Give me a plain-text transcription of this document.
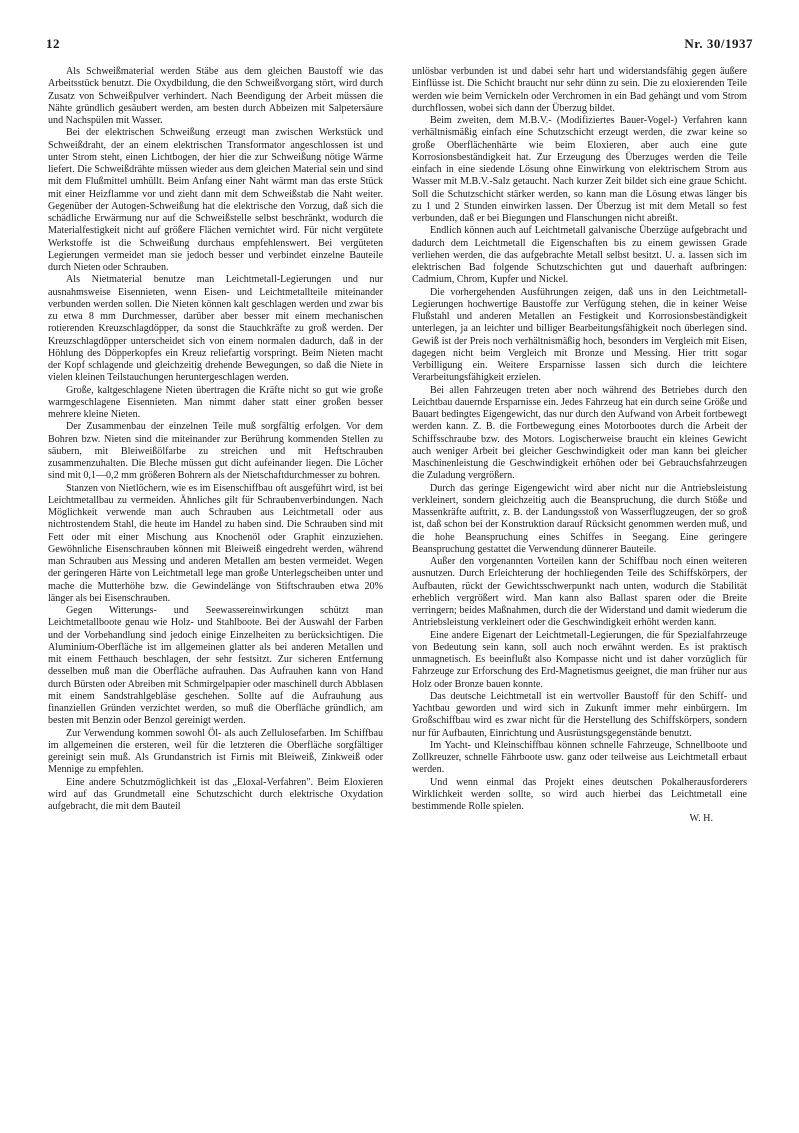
12	Nr. 30/1937

Als Schweißmaterial werden Stäbe aus dem gleichen Baustoff wie das Arbeitsstück benutzt. Die Oxydbildung, die den Schweißvorgang stört, wird durch Zusatz von Schweißpulver verhindert. Nach Beendigung der Arbeit müssen die Nähte gründlich gesäubert werden, am besten durch Abbeizen mit Salpetersäure und Nachspülen mit Wasser.

Bei der elektrischen Schweißung erzeugt man zwischen Werkstück und Schweißdraht, der an einem elektrischen Transformator angeschlossen ist und unter Strom steht, einen Lichtbogen, der hier die zur Schweißung nötige Wärme liefert. Die Schweißdrähte müssen wieder aus dem gleichen Material sein und sind mit dem Flußmittel umhüllt. Beim Anfang einer Naht wärmt man das erste Stück mit einer Heizflamme vor und zieht dann mit dem Schweißstab die Naht weiter. Gegenüber der Autogen-Schweißung hat die elektrische den Vorzug, daß sich die schädliche Erwärmung nur auf die Schweißstelle selbst beschränkt, wodurch die Materialfestigkeit nicht auf größere Flächen vernichtet wird. Für nicht vergütete Werkstoffe ist die Schweißung durchaus empfehlenswert. Bei vergüteten Legierungen vermeidet man sie jedoch besser und verbindet einzelne Bauteile durch Nieten oder Schrauben.

Als Nietmaterial benutze man Leichtmetall-Legierungen und nur ausnahmsweise Eisennieten, wenn Eisen- und Leichtmetallteile miteinander verbunden werden sollen. Die Nieten können kalt geschlagen werden und zwar bis zu etwa 8 mm Durchmesser, darüber aber besser mit einem mechanischen rotierenden Kreuzschlagdöpper, da sonst die Stauchkräfte zu groß werden. Der Kreuzschlagdöpper unterscheidet sich von einem normalen dadurch, daß in der Höhlung des Döpperkopfes ein Kreuz reliefartig vorspringt. Beim Nieten macht der Kopf schlagende und gleichzeitig drehende Bewegungen, so daß die Niete in vielen kleinen Teilstauchungen heruntergeschlagen werden.

Große, kaltgeschlagene Nieten übertragen die Kräfte nicht so gut wie große warmgeschlagene Eisennieten. Man nimmt daher statt einer großen besser mehrere kleine Nieten.

Der Zusammenbau der einzelnen Teile muß sorgfältig erfolgen. Vor dem Bohren bzw. Nieten sind die miteinander zur Berührung kommenden Stellen zu säubern, mit Bleiweißölfarbe zu streichen und mit Heftschrauben zusammenzuhalten. Die Bleche müssen gut dicht aufeinander liegen. Die Löcher sind mit 0,1—0,2 mm größeren Bohrern als der Nietschaftdurchmesser zu bohren.

Stanzen von Nietlöchern, wie es im Eisenschiffbau oft ausgeführt wird, ist bei Leichtmetallbau zu vermeiden. Ähnliches gilt für Schraubenverbindungen. Nach Möglichkeit verwende man auch Schrauben aus Leichtmetall oder aus nichtrostendem Stahl, die heute im Handel zu haben sind. Die Schrauben sind mit Fett oder mit einer Mischung aus Knochenöl oder Graphit einzuziehen. Gewöhnliche Eisenschrauben können mit Bleiweiß eingedreht werden, während man Schrauben aus Messing und anderen Metallen am besten vermeidet. Wegen der geringeren Härte von Leichtmetall lege man große Unterlegscheiben unter und mache die Mutterhöhe bzw. die Gewindelänge von Stiftschrauben etwa 20% länger als bei Eisenschrauben.

Gegen Witterungs- und Seewassereinwirkungen schützt man Leichtmetallboote genau wie Holz- und Stahlboote. Bei der Auswahl der Farben und der Vorbehandlung sind jedoch einige Einzelheiten zu berücksichtigen. Die Aluminium-Oberfläche ist im allgemeinen glatter als bei anderen Metallen und mit einem Fetthauch beschlagen, der sehr festsitzt. Zur sicheren Entfernung desselben muß man die Oberfläche aufrauhen. Das Aufrauhen kann von Hand durch Bürsten oder Abreiben mit Schmirgelpapier oder maschinell durch Abblasen mit einem Sandstrahlgebläse geschehen. Sollte auf die Aufrauhung aus finanziellen Gründen verzichtet werden, so muß die Oberfläche gründlich, am besten mit Benzin oder Benzol gereinigt werden.

Zur Verwendung kommen sowohl Öl- als auch Zellulosefarben. Im Schiffbau im allgemeinen die ersteren, weil für die letzteren die Oberfläche sorgfältiger gereinigt sein muß. Als Grundanstrich ist Firnis mit Bleiweiß, Zinkweiß oder Mennige zu empfehlen.

Eine andere Schutzmöglichkeit ist das „Eloxal-Verfahren". Beim Eloxieren wird auf das Grundmetall eine Schutzschicht durch elektrische Oxydation aufgebracht, die mit dem Bauteil

unlösbar verbunden ist und dabei sehr hart und widerstandsfähig gegen äußere Einflüsse ist. Die Schicht braucht nur sehr dünn zu sein. Die zu eloxierenden Teile werden wie beim Vernickeln oder Verchromen in ein Bad gehängt und vom Strom durchflossen, wobei sich dann der Überzug bildet.

Beim zweiten, dem M.B.V.- (Modifiziertes Bauer-Vogel-) Verfahren kann verhältnismäßig einfach eine Schutzschicht erzeugt werden, die zwar keine so große Oberflächenhärte wie beim Eloxieren, aber auch eine gute Korrosionsbeständigkeit hat. Zur Erzeugung des Überzuges werden die Teile einfach in eine siedende Lösung ohne Einwirkung von elektrischem Strom aus Wasser mit M.B.V.-Salz getaucht. Nach kurzer Zeit bildet sich eine graue Schicht. Soll die Schutzschicht stärker werden, so kann man die Lösung etwas länger bis zu 1 und 2 Stunden einwirken lassen. Der Überzug ist mit dem Metall so fest verbunden, daß er bei Biegungen und Flanschungen nicht abreißt.

Endlich können auch auf Leichtmetall galvanische Überzüge aufgebracht und dadurch dem Leichtmetall die Eigenschaften bis zu einem gewissen Grade verliehen werden, die das aufgebrachte Metall selbst besitzt. U. a. lassen sich im elektrischen Bad folgende Schutzschichten gut und dauerhaft aufbringen: Cadmium, Chrom, Kupfer und Nickel.

Die vorhergehenden Ausführungen zeigen, daß uns in den Leichtmetall-Legierungen hochwertige Baustoffe zur Verfügung stehen, die in keiner Weise Flußstahl und anderen Metallen an Festigkeit und Korrosionsbeständigkeit unterlegen, ja an leichter und billiger Bearbeitungsfähigkeit noch überlegen sind. Gewiß ist der Preis noch verhältnismäßig hoch, besonders im Vergleich mit Eisen, dagegen nicht beim Vergleich mit Bronze und Messing. Hier tritt sogar Verbilligung ein. Weitere Ersparnisse lassen sich durch die leichtere Verarbeitungsfähigkeit erzielen.

Bei allen Fahrzeugen treten aber noch während des Betriebes durch den Leichtbau dauernde Ersparnisse ein. Jedes Fahrzeug hat ein durch seine Größe und Bauart bedingtes Eigengewicht, das nur durch den Aufwand von Arbeit fortbewegt werden kann. Z. B. die Fortbewegung eines Motorbootes durch die Arbeit der Schiffsschraube bzw. des Motors. Logischerweise braucht ein kleines Gewicht auch weniger Arbeit bei gleicher Geschwindigkeit oder man kann bei gleicher Maschinenleistung die Geschwindigkeit erhöhen oder bei Gebrauchsfahrzeugen die Zuladung vergrößern.

Durch das geringe Eigengewicht wird aber nicht nur die Antriebsleistung verkleinert, sondern gleichzeitig auch die Beanspruchung, die durch Stöße und Massenkräfte auftritt, z. B. der Landungsstoß von Wasserflugzeugen, der so groß ist, daß schon bei der Konstruktion darauf Rücksicht genommen werden muß, und die hohe Beanspruchung eines Schiffes in Seegang. Eine geringere Beanspruchung gestattet die Verwendung dünnerer Bauteile.

Außer den vorgenannten Vorteilen kann der Schiffbau noch einen weiteren ausnutzen. Durch Erleichterung der hochliegenden Teile des Schiffskörpers, der Aufbauten, rückt der Gewichtsschwerpunkt nach unten, wodurch die Stabilität erheblich vergrößert wird. Man kann also Ballast sparen oder die Breite verringern; beides Maßnahmen, durch die der Widerstand und damit wiederum die Antriebsleistung verkleinert oder die Geschwindigkeit erhöht werden kann.

Eine andere Eigenart der Leichtmetall-Legierungen, die für Spezialfahrzeuge von Bedeutung sein kann, soll auch noch erwähnt werden. Es ist praktisch unmagnetisch. Es beeinflußt also Kompasse nicht und ist daher vorzüglich für Fahrzeuge zur Erforschung des Erd-Magnetismus geeignet, die man früher nur aus Holz oder Bronze bauen konnte.

Das deutsche Leichtmetall ist ein wertvoller Baustoff für den Schiff- und Yachtbau geworden und wird sich in Zukunft immer mehr einbürgern. Im Großschiffbau wird es zwar nicht für die Herstellung des Schiffskörpers, sondern nur für Aufbauten, Einrichtung und Ausrüstungsgegenstände benutzt.

Im Yacht- und Kleinschiffbau können schnelle Fahrzeuge, Schnellboote und Zollkreuzer, schnelle Fährboote usw. ganz oder teilweise aus Leichtmetall erbaut werden.

Und wenn einmal das Projekt eines deutschen Pokalherausforderers Wirklichkeit werden sollte, so wird auch hierbei das Leichtmetall eine bestimmende Rolle spielen.

W. H.
